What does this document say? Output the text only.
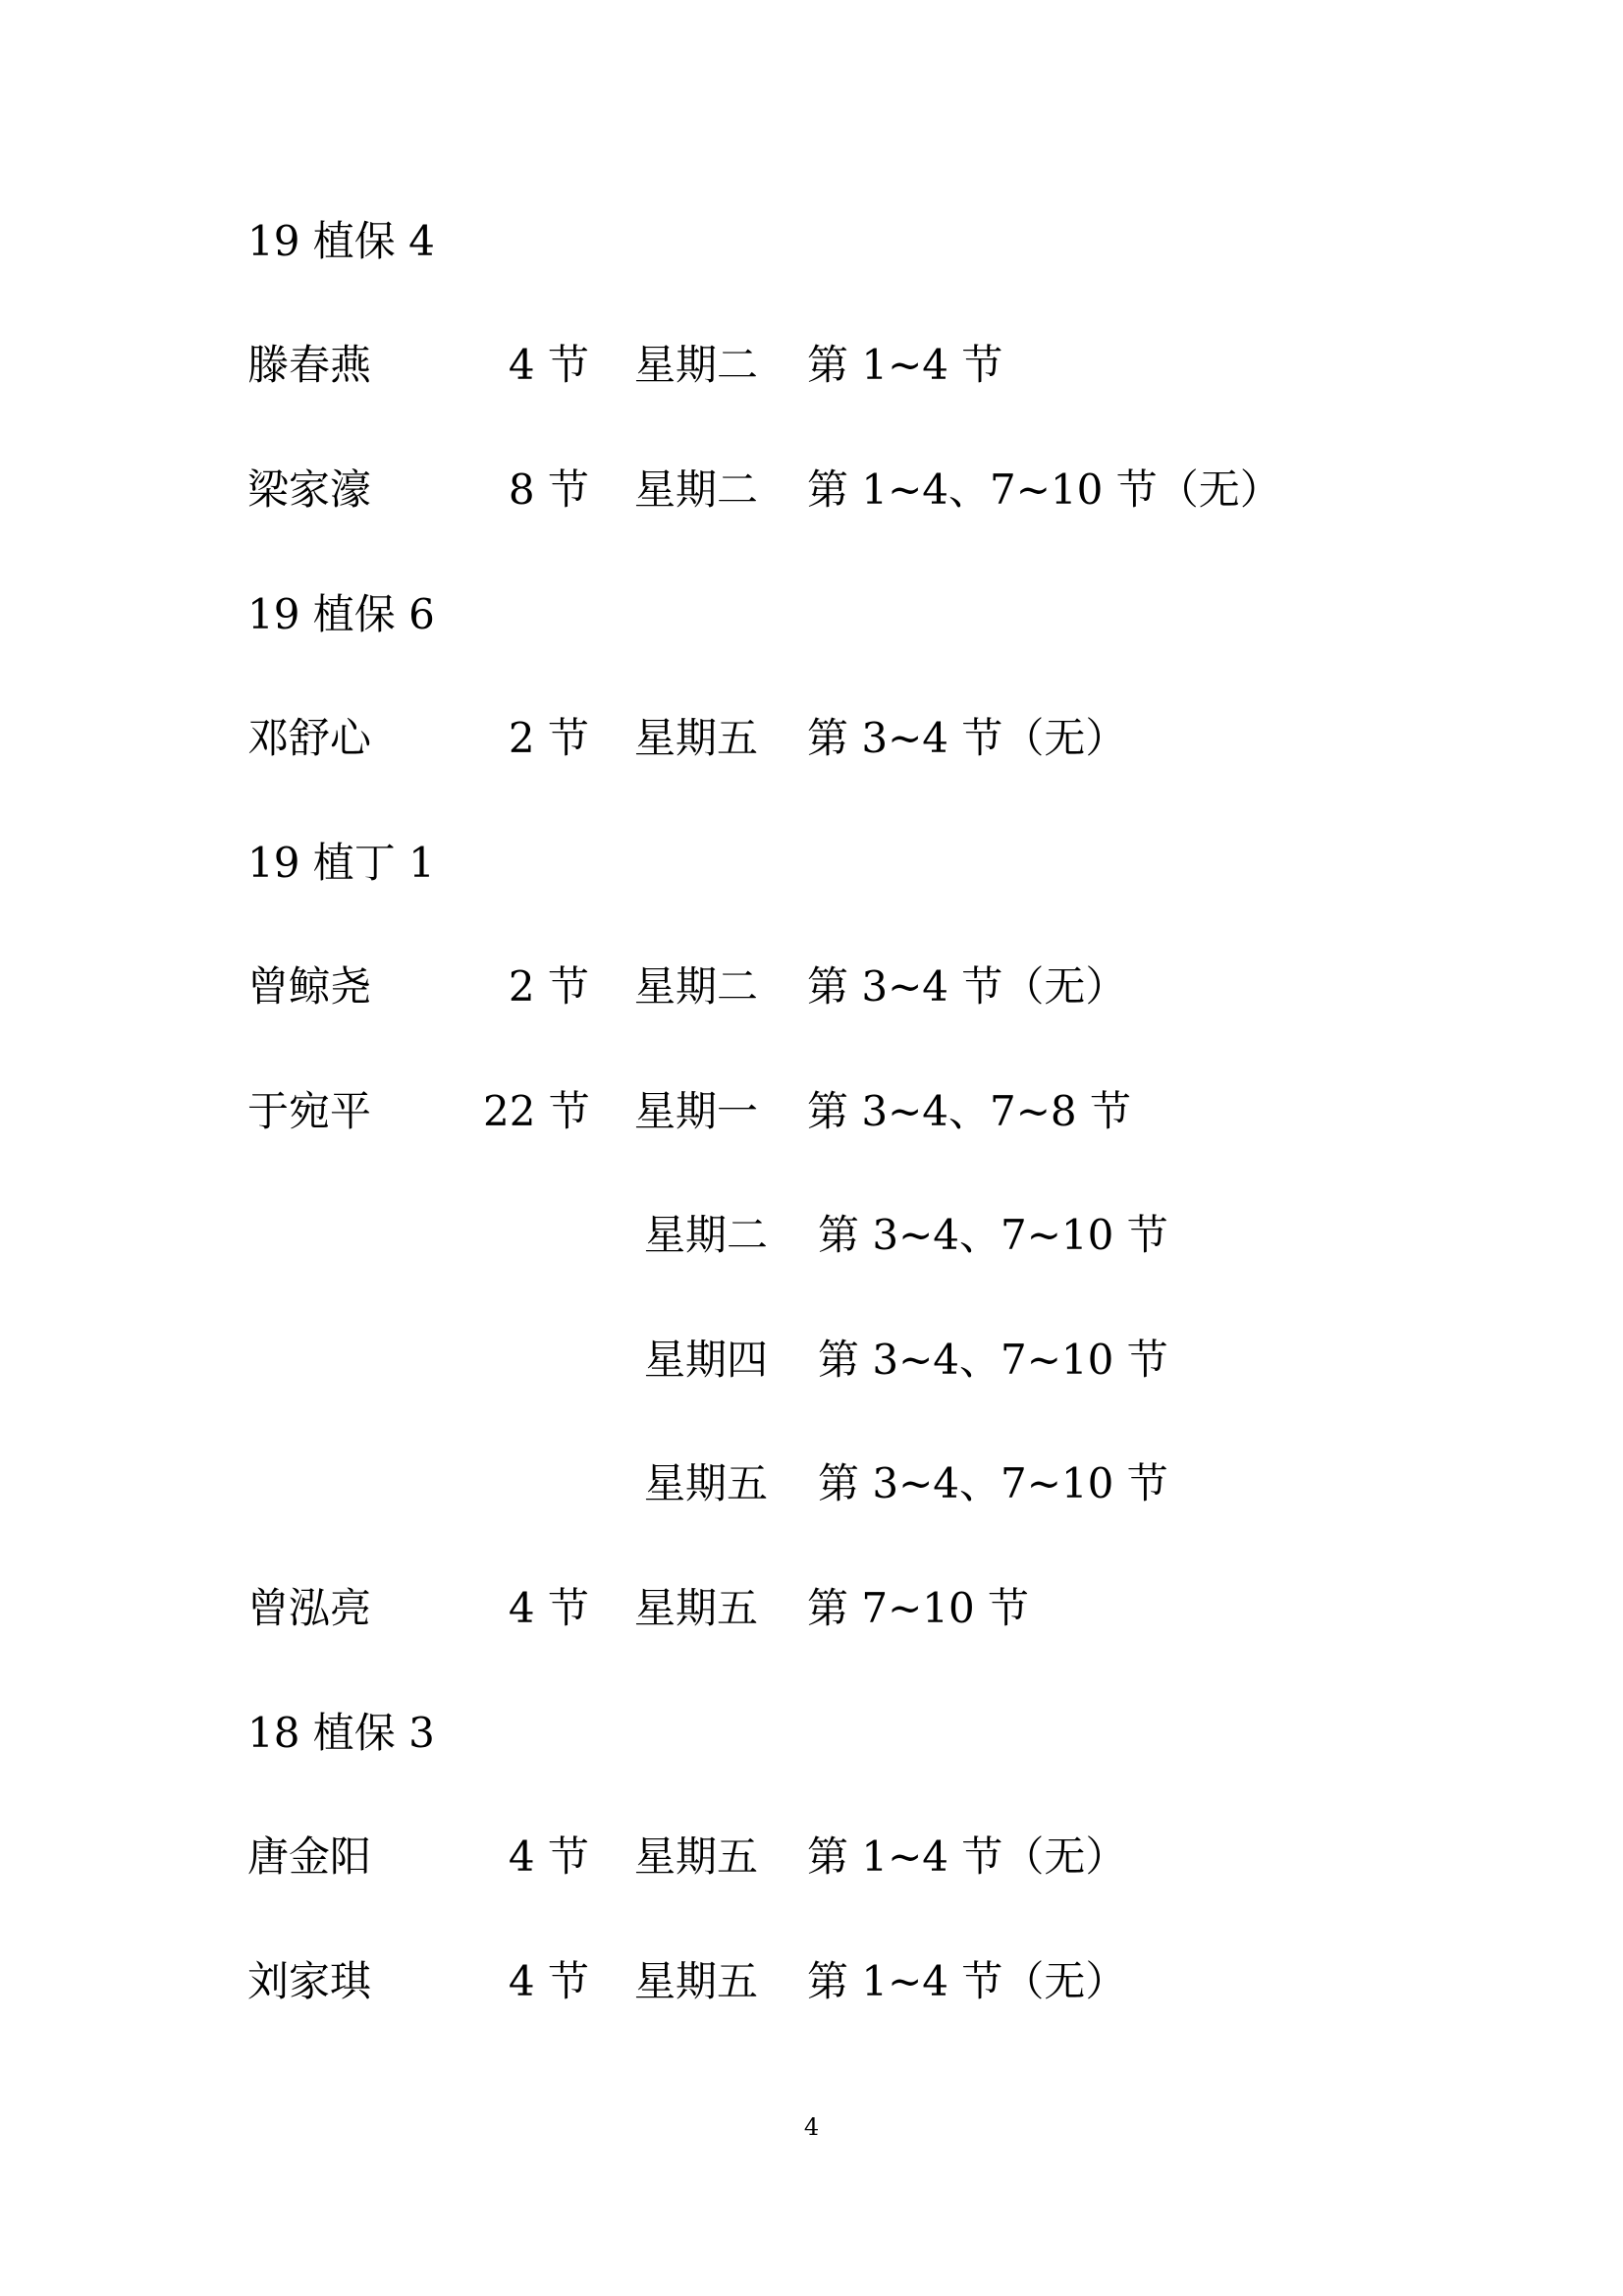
19 植保 4
滕春燕	4 节 星期二 第 1~4 节
梁家濠	8 节 星期二 第 1~4、7~10 节（无）
19 植保 6
邓舒心	2 节 星期五 第 3~4 节（无）
19 植丁 1
曾鲸尧	2 节 星期二 第 3~4 节（无）
于宛平	22 节 星期一 第 3~4、7~8 节
星期二 第 3~4、7~10 节
星期四 第 3~4、7~10 节
星期五 第 3~4、7~10 节
曾泓亮	4 节 星期五 第 7~10 节
18 植保 3
唐金阳	4 节 星期五 第 1~4 节（无）
刘家琪	4 节 星期五 第 1~4 节（无）
4
